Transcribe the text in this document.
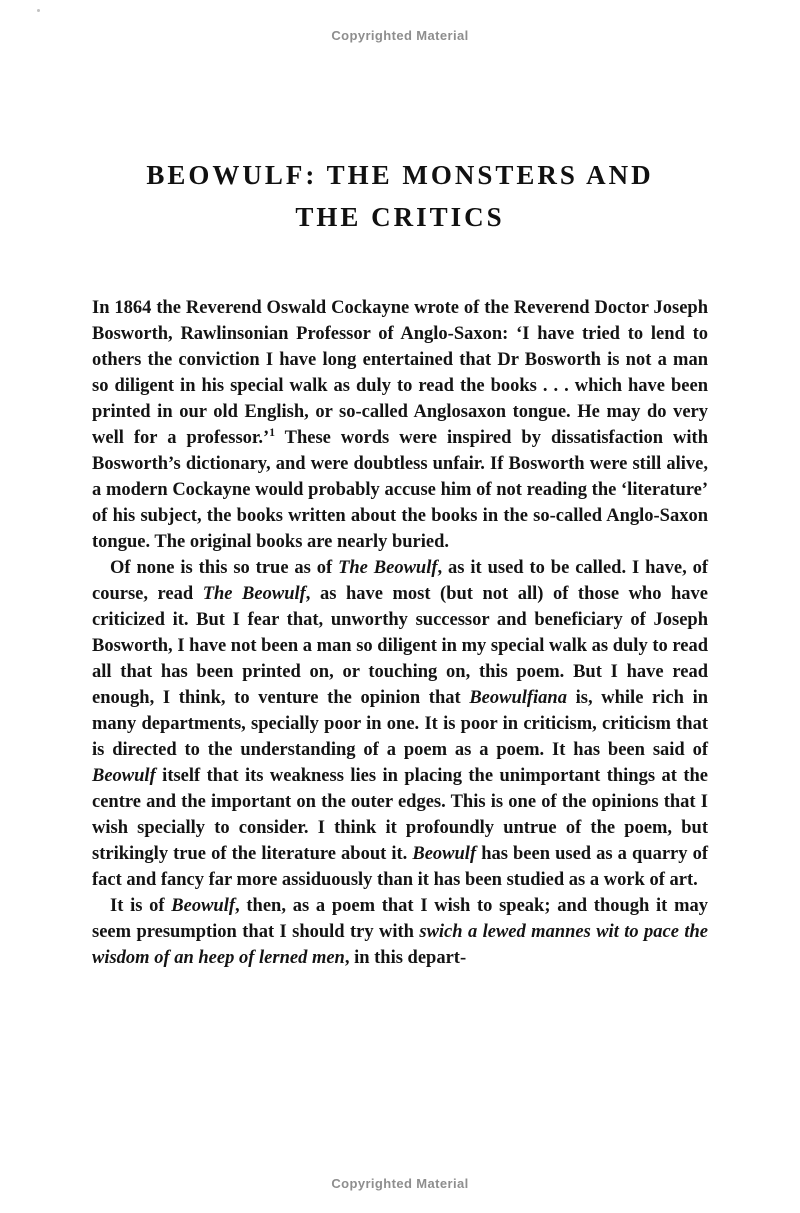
Copyrighted Material
BEOWULF: THE MONSTERS AND
THE CRITICS

In 1864 the Reverend Oswald Cockayne wrote of the Reverend Doctor Joseph Bosworth, Rawlinsonian Professor of Anglo-Saxon: ‘I have tried to lend to others the conviction I have long entertained that Dr Bosworth is not a man so diligent in his special walk as duly to read the books . . . which have been printed in our old English, or so-called Anglosaxon tongue. He may do very well for a professor.’$^1$ These words were inspired by dissatisfaction with Bosworth’s dictionary, and were doubtless unfair. If Bosworth were still alive, a modern Cockayne would probably accuse him of not reading the ‘literature’ of his subject, the books written about the books in the so-called Anglo-Saxon tongue. The original books are nearly buried.

Of none is this so true as of The Beowulf, as it used to be called. I have, of course, read The Beowulf, as have most (but not all) of those who have criticized it. But I fear that, unworthy successor and beneficiary of Joseph Bosworth, I have not been a man so diligent in my special walk as duly to read all that has been printed on, or touching on, this poem. But I have read enough, I think, to venture the opinion that Beowulfiana is, while rich in many departments, specially poor in one. It is poor in criticism, criticism that is directed to the understanding of a poem as a poem. It has been said of Beowulf itself that its weakness lies in placing the unimportant things at the centre and the important on the outer edges. This is one of the opinions that I wish specially to consider. I think it profoundly untrue of the poem, but strikingly true of the literature about it. Beowulf has been used as a quarry of fact and fancy far more assiduously than it has been studied as a work of art.

It is of Beowulf, then, as a poem that I wish to speak; and though it may seem presumption that I should try with swich a lewed mannes wit to pace the wisdom of an heep of lerned men, in this depart-

Copyrighted Material
